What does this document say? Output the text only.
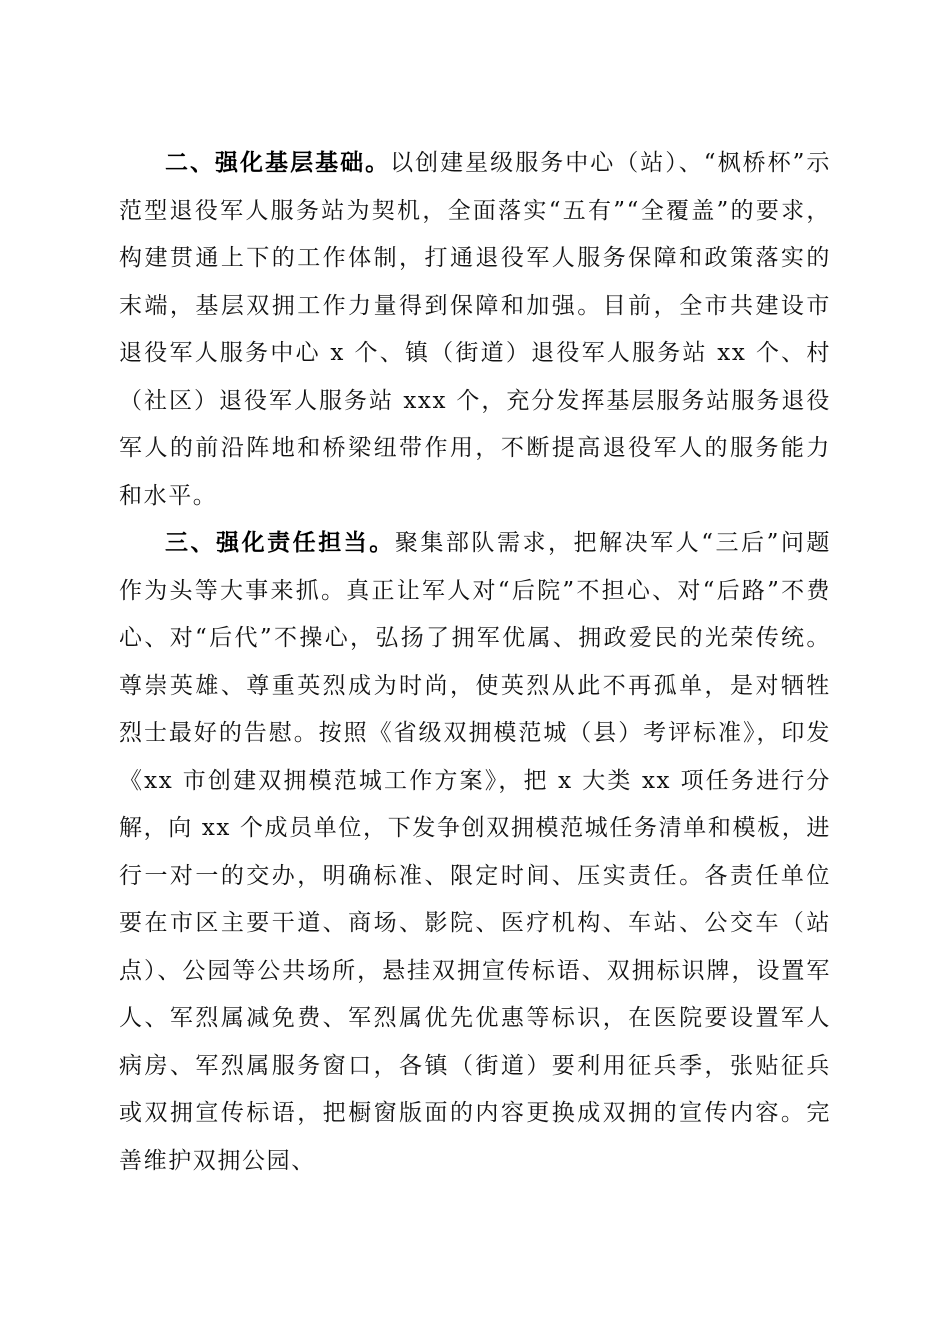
二、强化基层基础。以创建星级服务中心（站）、“枫桥杯”示范型退役军人服务站为契机，全面落实“五有”“全覆盖”的要求，构建贯通上下的工作体制，打通退役军人服务保障和政策落实的末端，基层双拥工作力量得到保障和加强。目前，全市共建设市退役军人服务中心 x 个、镇（街道）退役军人服务站 xx 个、村（社区）退役军人服务站 xxx 个，充分发挥基层服务站服务退役军人的前沿阵地和桥梁纽带作用，不断提高退役军人的服务能力和水平。

三、强化责任担当。聚集部队需求，把解决军人“三后”问题作为头等大事来抓。真正让军人对“后院”不担心、对“后路”不费心、对“后代”不操心，弘扬了拥军优属、拥政爱民的光荣传统。尊崇英雄、尊重英烈成为时尚，使英烈从此不再孤单，是对牺牲烈士最好的告慰。按照《省级双拥模范城（县）考评标准》，印发《xx 市创建双拥模范城工作方案》，把 x 大类 xx 项任务进行分解，向 xx 个成员单位，下发争创双拥模范城任务清单和模板，进行一对一的交办，明确标准、限定时间、压实责任。各责任单位要在市区主要干道、商场、影院、医疗机构、车站、公交车（站点）、公园等公共场所，悬挂双拥宣传标语、双拥标识牌，设置军人、军烈属减免费、军烈属优先优惠等标识，在医院要设置军人病房、军烈属服务窗口，各镇（街道）要利用征兵季，张贴征兵或双拥宣传标语，把橱窗版面的内容更换成双拥的宣传内容。完善维护双拥公园、
